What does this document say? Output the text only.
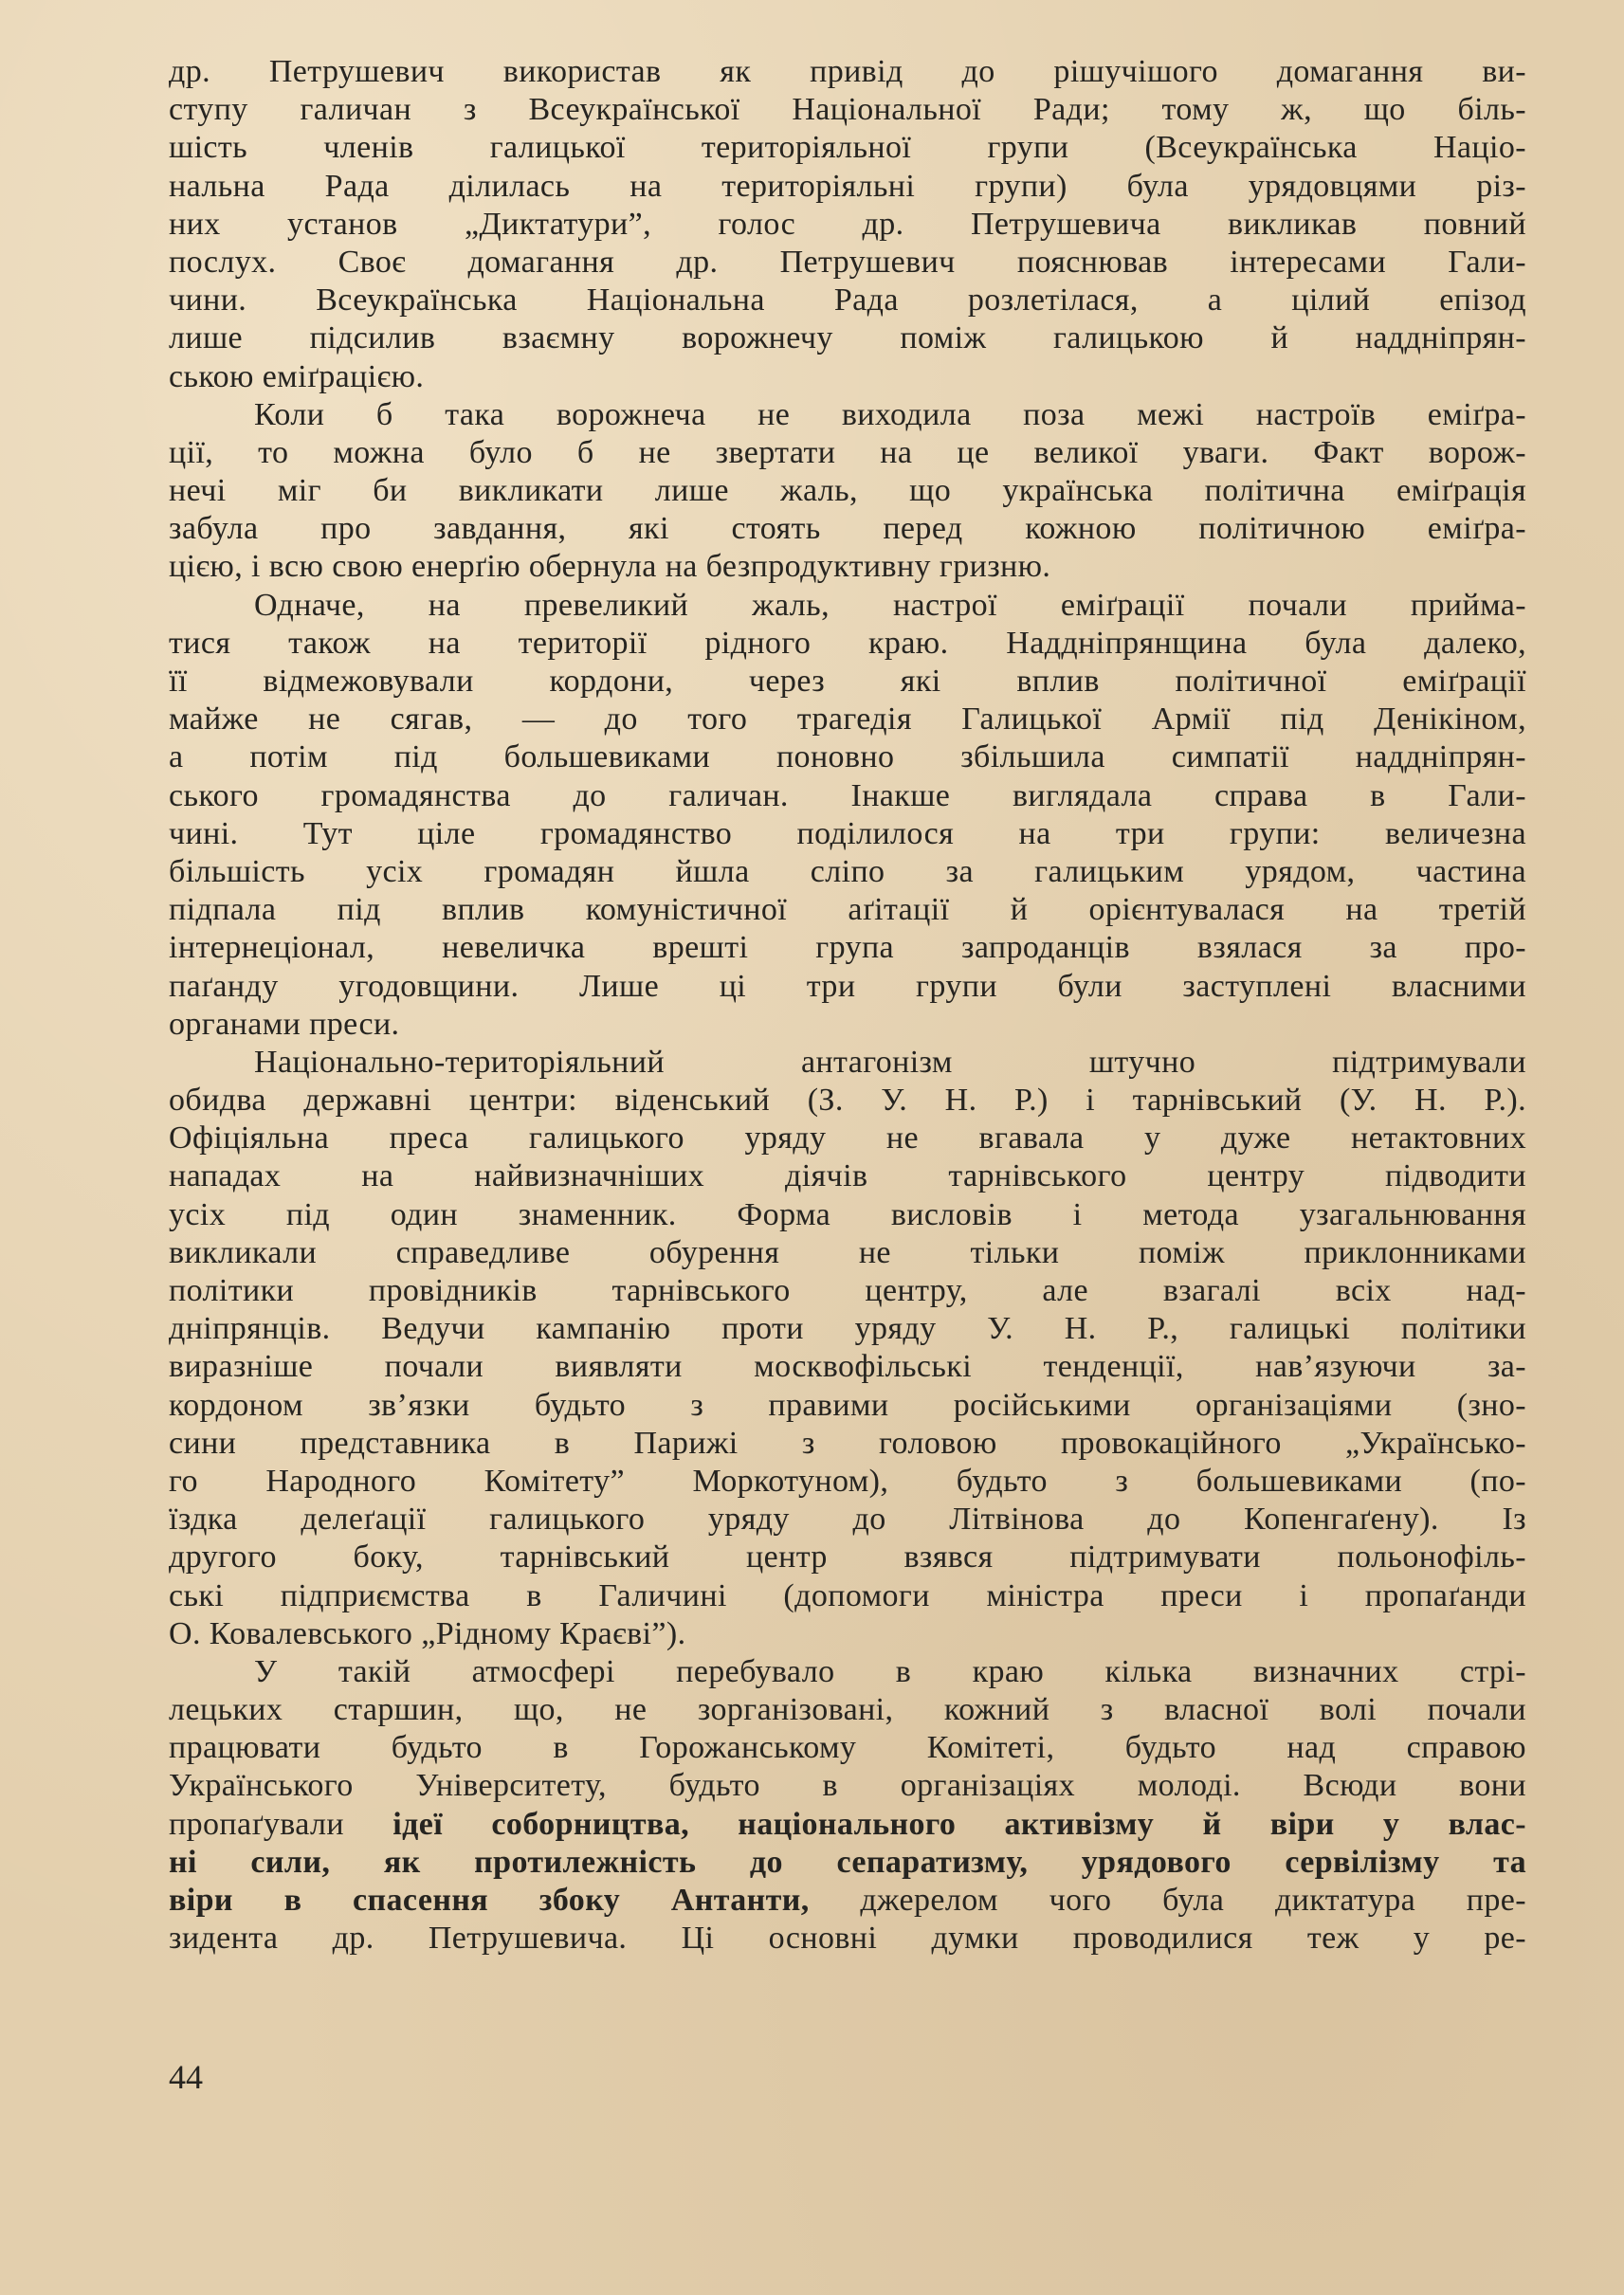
др. Петрушевич використав як привід до рішучішого домагання ви-
ступу галичан з Всеукраїнської Національної Ради; тому ж, що біль-
шість членів галицької територіяльної групи (Всеукраїнська Націо-
нальна Рада ділилась на територіяльні групи) була урядовцями різ-
них установ „Диктатури”, голос др. Петрушевича викликав повний
послух. Своє домагання др. Петрушевич пояснював інтересами Гали-
чини. Всеукраїнська Національна Рада розлетілася, а цілий епізод
лише підсилив взаємну ворожнечу поміж галицькою й наддніпрян-
ською еміґрацією.
Коли б така ворожнеча не виходила поза межі настроїв еміґра-
ції, то можна було б не звертати на це великої уваги. Факт ворож-
нечі міг би викликати лише жаль, що українська політична еміґрація
забула про завдання, які стоять перед кожною політичною еміґра-
цією, і всю свою енерґію обернула на безпродуктивну гризню.
Одначе, на превеликий жаль, настрої еміґрації почали прийма-
тися також на території рідного краю. Наддніпрянщина була далеко,
її відмежовували кордони, через які вплив політичної еміґрації
майже не сягав, — до того трагедія Галицької Армії під Денікіном,
а потім під большевиками поновно збільшила симпатії наддніпрян-
ського громадянства до галичан. Інакше виглядала справа в Гали-
чині. Тут ціле громадянство поділилося на три групи: величезна
більшість усіх громадян йшла сліпо за галицьким урядом, частина
підпала під вплив комуністичної аґітації й орієнтувалася на третій
інтернеціонал, невеличка врешті група запроданців взялася за про-
паґанду угодовщини. Лише ці три групи були заступлені власними
органами преси.
Національно-територіяльний антагонізм штучно підтримували
обидва державні центри: віденський (З. У. Н. Р.) і тарнівський (У. Н. Р.).
Офіціяльна преса галицького уряду не вгавала у дуже нетактовних
нападах на найвизначніших діячів тарнівського центру підводити
усіх під один знаменник. Форма висловів і метода узагальнювання
викликали справедливе обурення не тільки поміж приклонниками
політики провідників тарнівського центру, але взагалі всіх над-
дніпрянців. Ведучи кампанію проти уряду У. Н. Р., галицькі політики
виразніше почали виявляти москвофільські тенденції, нав’язуючи за-
кордоном зв’язки будьто з правими російськими організаціями (зно-
сини представника в Парижі з головою провокаційного „Українсько-
го Народного Комітету” Моркотуном), будьто з большевиками (по-
їздка делеґації галицького уряду до Літвінова до Копенгаґену). Із
другого боку, тарнівський центр взявся підтримувати польонофіль-
ські підприємства в Галичині (допомоги міністра преси і пропаґанди
О. Ковалевського „Рідному Краєві”).
У такій атмосфері перебувало в краю кілька визначних стрі-
лецьких старшин, що, не зорганізовані, кожний з власної волі почали
працювати будьто в Горожанському Комітеті, будьто над справою
Українського Університету, будьто в організаціях молоді. Всюди вони
пропаґували ідеї соборництва, національного активізму й віри у влас-
ні сили, як протилежність до сепаратизму, урядового сервілізму та
віри в спасення збоку Антанти, джерелом чого була диктатура пре-
зидента др. Петрушевича. Ці основні думки проводилися теж у ре-
44
